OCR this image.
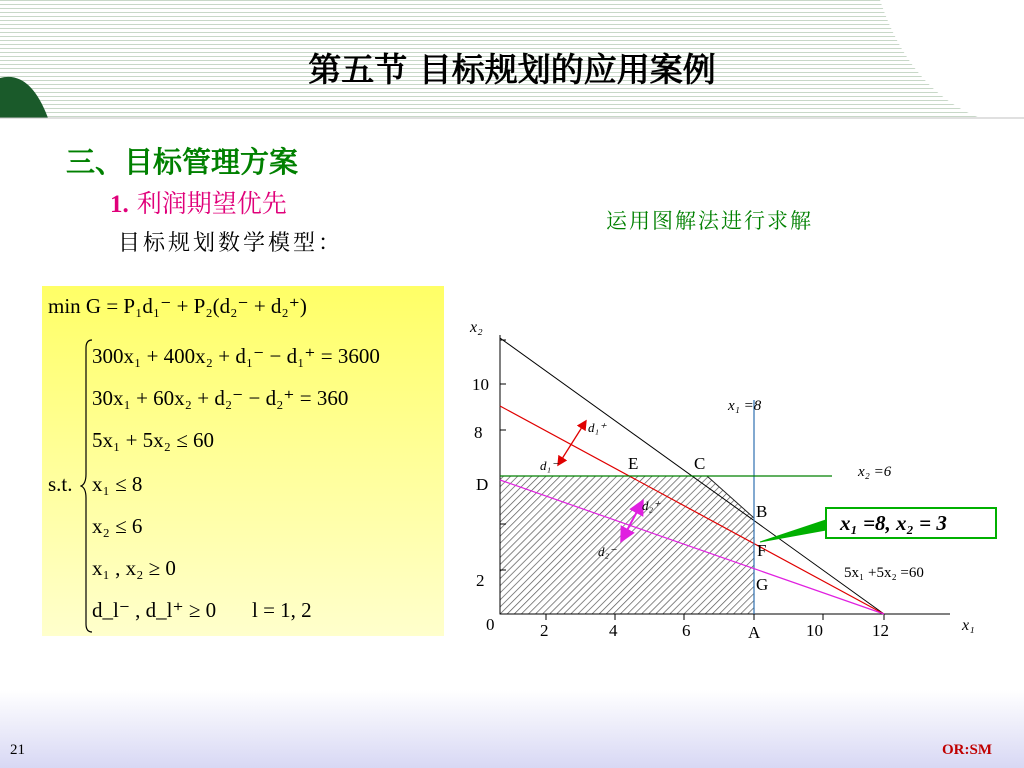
第五节 目标规划的应用案例
三、目标管理方案
1. 利润期望优先
目标规划数学模型：
运用图解法进行求解
min G = P₁d₁⁻ + P₂(d₂⁻ + d₂⁺)
s.t.
300x₁ + 400x₂ + d₁⁻ − d₁⁺ = 3600
30x₁ + 60x₂ + d₂⁻ − d₂⁺ = 360
5x₁ + 5x₂ ≤ 60
x₁ ≤ 8
x₂ ≤ 6
x₁ , x₂ ≥ 0
d_l⁻ , d_l⁺ ≥ 0 l = 1, 2
x₁ =8, x₂ = 3
x₂
x₁
0	2	4	6	10	12
10
8
2
A
B
C
D
E
F
G
x₁ =8
x₂ =6
5x₁ +5x₂ =60
d₁⁺
d₁⁻
d₂⁺
d₂⁻
21	OR:SM
